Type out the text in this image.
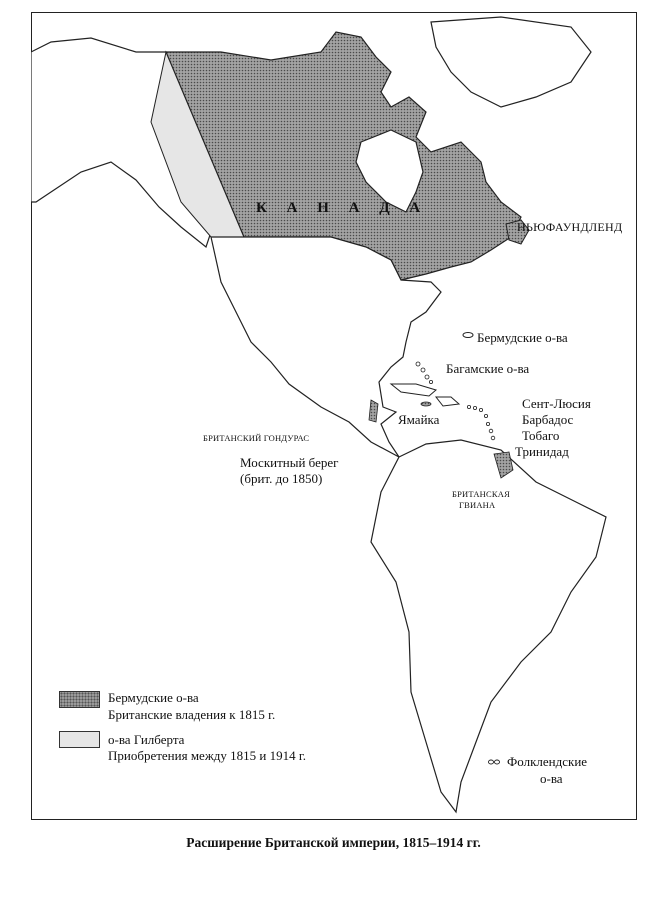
К А Н А Д А
НЬЮФАУНДЛЕНД
Бермудские о-ва
Багамские о-ва
Сент-Люсия
Барбадос
Тобаго
Тринидад
Ямайка
БРИТАНСКИЙ ГОНДУРАС
Москитный берег
(брит. до 1850)
БРИТАНСКАЯ
ГВИАНА
Фолклендские
о-ва
Бермудские о-ва
Британские владения к 1815 г.
о-ва Гилберта
Приобретения между 1815 и 1914 г.
Расширение Британской империи, 1815–1914 гг.
